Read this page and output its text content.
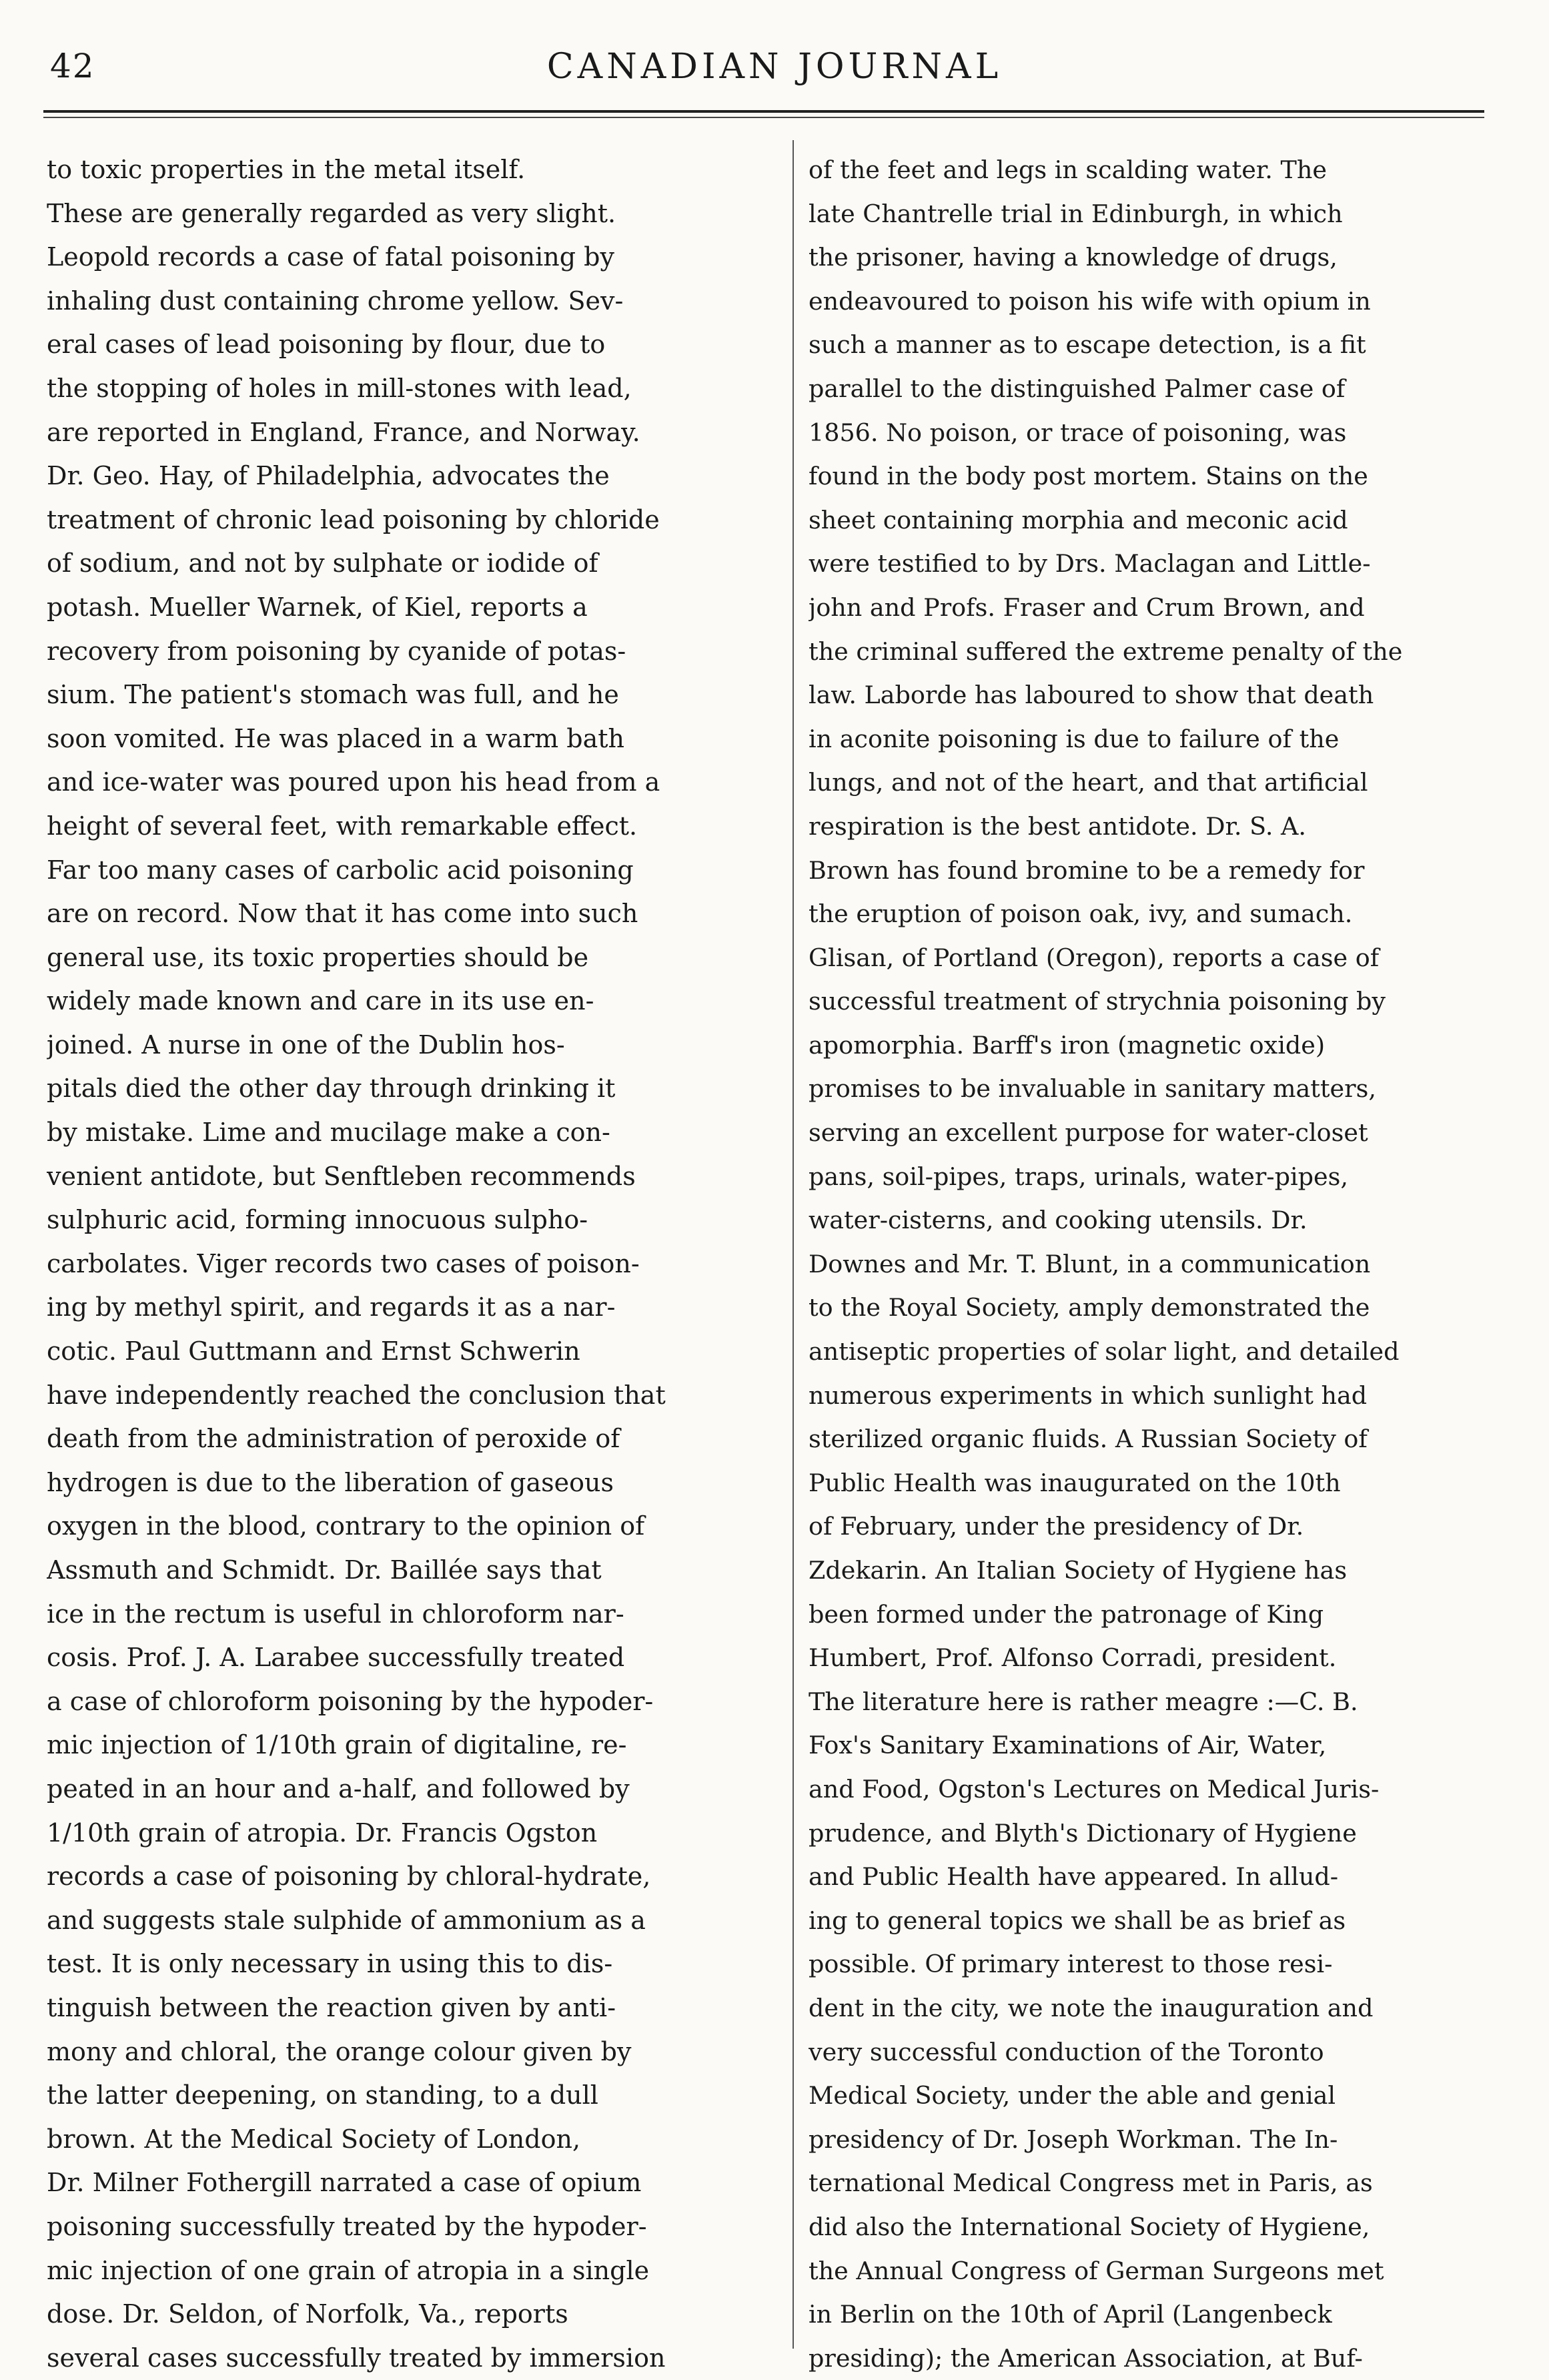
42	CANADIAN JOURNAL
to toxic properties in the metal itself.
These are generally regarded as very slight.
Leopold records a case of fatal poisoning by
inhaling dust containing chrome yellow. Sev-
eral cases of lead poisoning by flour, due to
the stopping of holes in mill-stones with lead,
are reported in England, France, and Norway.
Dr. Geo. Hay, of Philadelphia, advocates the
treatment of chronic lead poisoning by chloride
of sodium, and not by sulphate or iodide of
potash. Mueller Warnek, of Kiel, reports a
recovery from poisoning by cyanide of potas-
sium. The patient's stomach was full, and he
soon vomited. He was placed in a warm bath
and ice-water was poured upon his head from a
height of several feet, with remarkable effect.
Far too many cases of carbolic acid poisoning
are on record. Now that it has come into such
general use, its toxic properties should be
widely made known and care in its use en-
joined. A nurse in one of the Dublin hos-
pitals died the other day through drinking it
by mistake. Lime and mucilage make a con-
venient antidote, but Senftleben recommends
sulphuric acid, forming innocuous sulpho-
carbolates. Viger records two cases of poison-
ing by methyl spirit, and regards it as a nar-
cotic. Paul Guttmann and Ernst Schwerin
have independently reached the conclusion that
death from the administration of peroxide of
hydrogen is due to the liberation of gaseous
oxygen in the blood, contrary to the opinion of
Assmuth and Schmidt. Dr. Baillée says that
ice in the rectum is useful in chloroform nar-
cosis. Prof. J. A. Larabee successfully treated
a case of chloroform poisoning by the hypoder-
mic injection of 1/10th grain of digitaline, re-
peated in an hour and a-half, and followed by
1/10th grain of atropia. Dr. Francis Ogston
records a case of poisoning by chloral-hydrate,
and suggests stale sulphide of ammonium as a
test. It is only necessary in using this to dis-
tinguish between the reaction given by anti-
mony and chloral, the orange colour given by
the latter deepening, on standing, to a dull
brown. At the Medical Society of London,
Dr. Milner Fothergill narrated a case of opium
poisoning successfully treated by the hypoder-
mic injection of one grain of atropia in a single
dose. Dr. Seldon, of Norfolk, Va., reports
several cases successfully treated by immersion
of the feet and legs in scalding water. The
late Chantrelle trial in Edinburgh, in which
the prisoner, having a knowledge of drugs,
endeavoured to poison his wife with opium in
such a manner as to escape detection, is a fit
parallel to the distinguished Palmer case of
1856. No poison, or trace of poisoning, was
found in the body post mortem. Stains on the
sheet containing morphia and meconic acid
were testified to by Drs. Maclagan and Little-
john and Profs. Fraser and Crum Brown, and
the criminal suffered the extreme penalty of the
law. Laborde has laboured to show that death
in aconite poisoning is due to failure of the
lungs, and not of the heart, and that artificial
respiration is the best antidote. Dr. S. A.
Brown has found bromine to be a remedy for
the eruption of poison oak, ivy, and sumach.
Glisan, of Portland (Oregon), reports a case of
successful treatment of strychnia poisoning by
apomorphia. Barff's iron (magnetic oxide)
promises to be invaluable in sanitary matters,
serving an excellent purpose for water-closet
pans, soil-pipes, traps, urinals, water-pipes,
water-cisterns, and cooking utensils. Dr.
Downes and Mr. T. Blunt, in a communication
to the Royal Society, amply demonstrated the
antiseptic properties of solar light, and detailed
numerous experiments in which sunlight had
sterilized organic fluids. A Russian Society of
Public Health was inaugurated on the 10th
of February, under the presidency of Dr.
Zdekarin. An Italian Society of Hygiene has
been formed under the patronage of King
Humbert, Prof. Alfonso Corradi, president.
The literature here is rather meagre :—C. B.
Fox's Sanitary Examinations of Air, Water,
and Food, Ogston's Lectures on Medical Juris-
prudence, and Blyth's Dictionary of Hygiene
and Public Health have appeared. In allud-
ing to general topics we shall be as brief as
possible. Of primary interest to those resi-
dent in the city, we note the inauguration and
very successful conduction of the Toronto
Medical Society, under the able and genial
presidency of Dr. Joseph Workman. The In-
ternational Medical Congress met in Paris, as
did also the International Society of Hygiene,
the Annual Congress of German Surgeons met
in Berlin on the 10th of April (Langenbeck
presiding); the American Association, at Buf-
